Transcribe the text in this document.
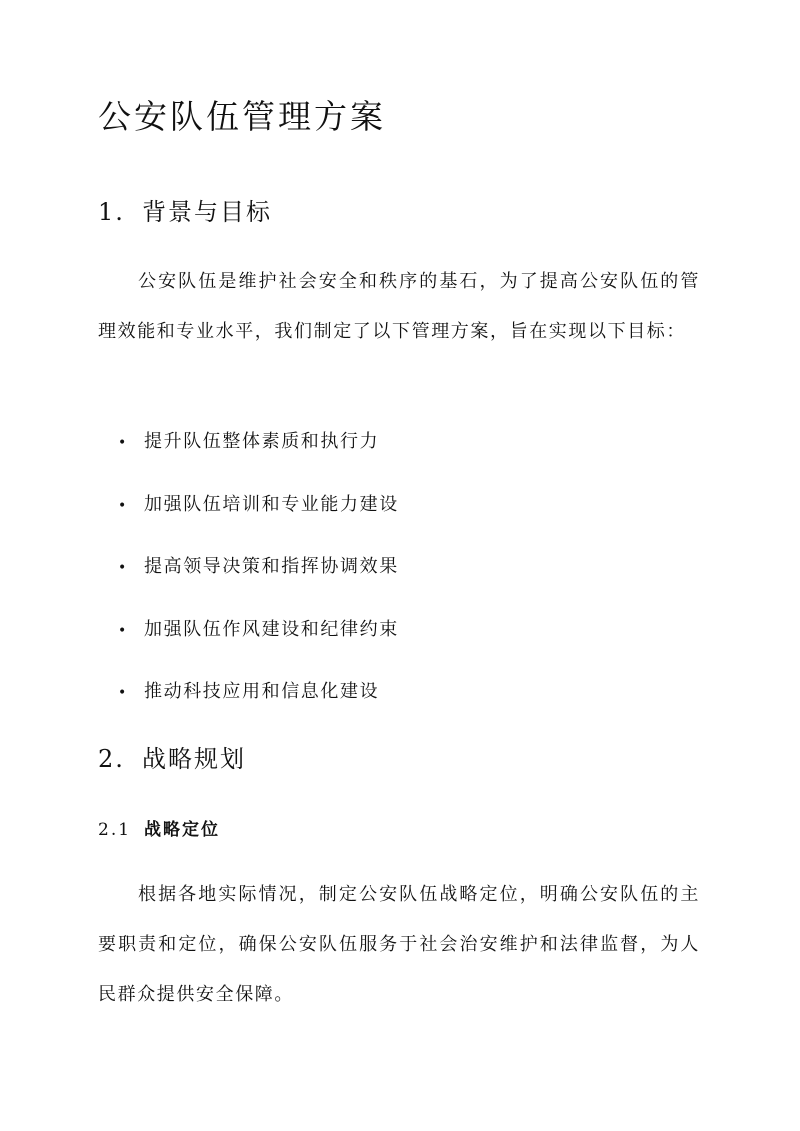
公安队伍管理方案
1. 背景与目标

公安队伍是维护社会安全和秩序的基石，为了提高公安队伍的管理效能和专业水平，我们制定了以下管理方案，旨在实现以下目标：

• 提升队伍整体素质和执行力
• 加强队伍培训和专业能力建设
• 提高领导决策和指挥协调效果
• 加强队伍作风建设和纪律约束
• 推动科技应用和信息化建设
2. 战略规划
2.1 战略定位

根据各地实际情况，制定公安队伍战略定位，明确公安队伍的主要职责和定位，确保公安队伍服务于社会治安维护和法律监督，为人民群众提供安全保障。
